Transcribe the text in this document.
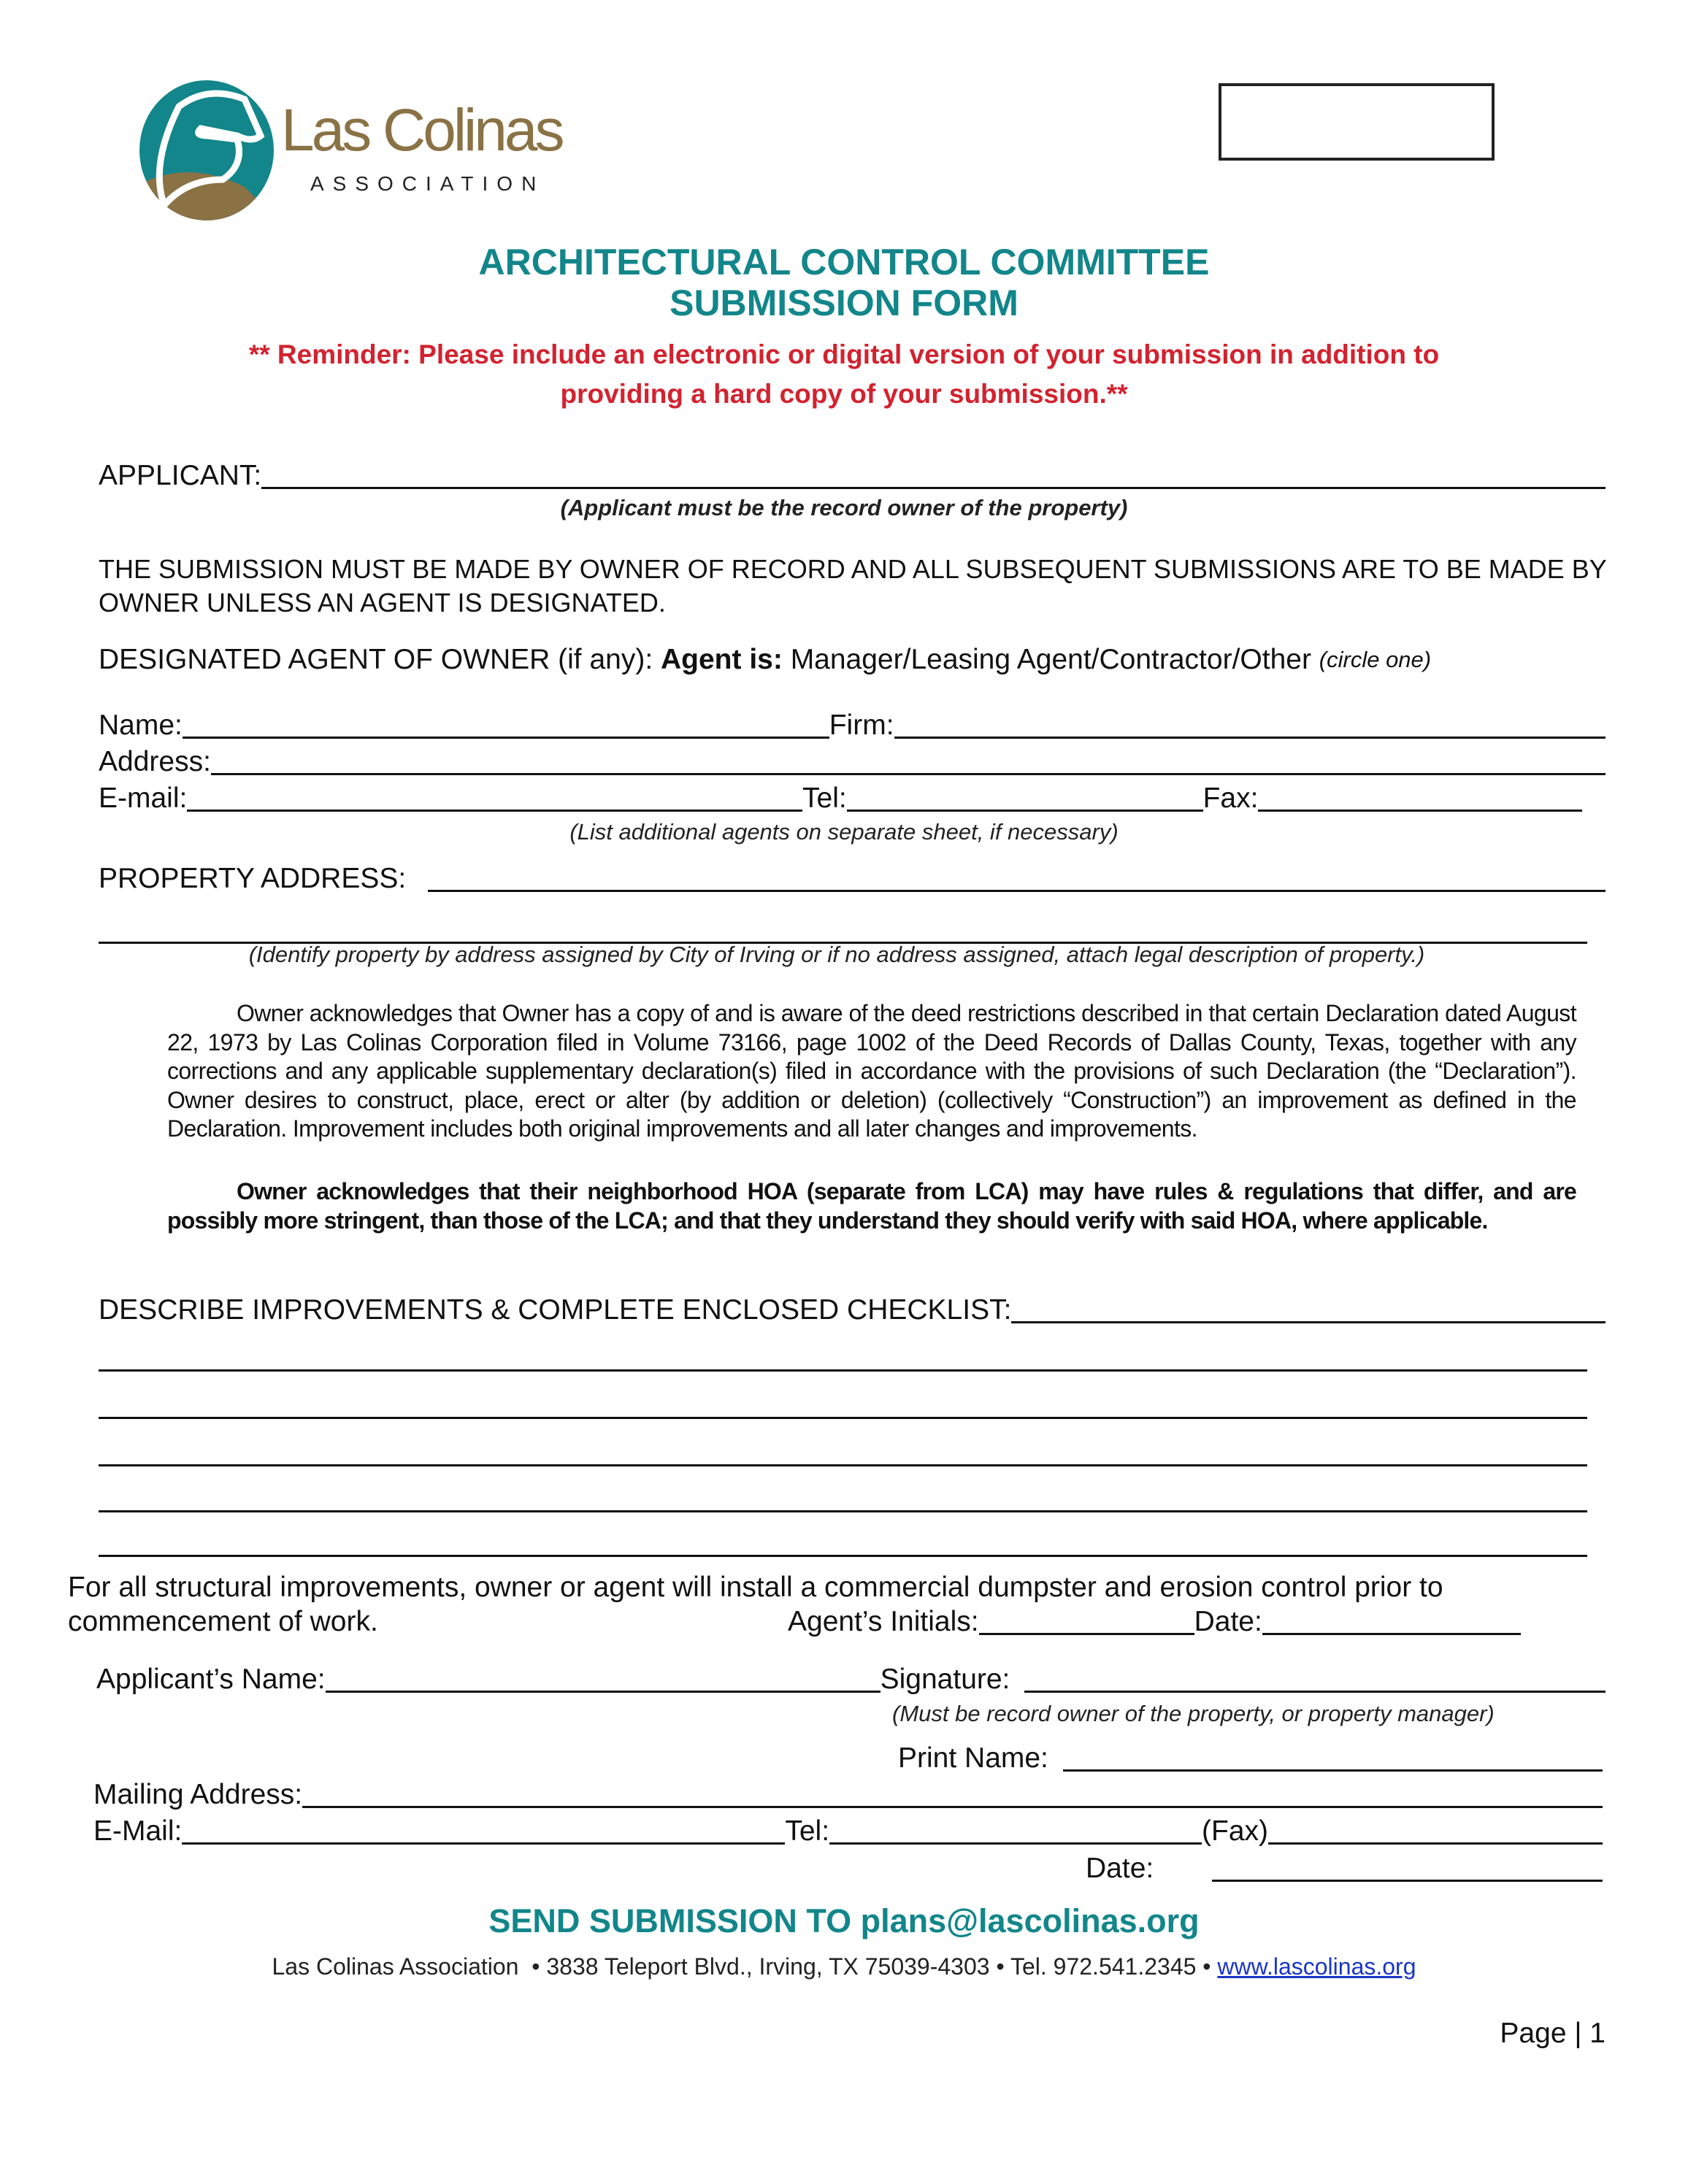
Las Colinas
ASSOCIATION
ARCHITECTURAL CONTROL COMMITTEE
SUBMISSION FORM
** Reminder: Please include an electronic or digital version of your submission in addition to
providing a hard copy of your submission.**
APPLICANT:
(Applicant must be the record owner of the property)
THE SUBMISSION MUST BE MADE BY OWNER OF RECORD AND ALL SUBSEQUENT SUBMISSIONS ARE TO BE MADE BY
OWNER UNLESS AN AGENT IS DESIGNATED.
DESIGNATED AGENT OF OWNER (if any):
Agent is:
Manager/Leasing Agent/Contractor/Other
(circle one)
Name:	Firm:
Address:
E-mail:	Tel:	Fax:
(List additional agents on separate sheet, if necessary)
PROPERTY ADDRESS:
(Identify property by address assigned by City of Irving or if no address assigned, attach legal description of property.)
Owner acknowledges that Owner has a copy of and is aware of the deed restrictions described in that certain Declaration dated August 22, 1973 by Las Colinas Corporation filed in Volume 73166, page 1002 of the Deed Records of Dallas County, Texas, together with any corrections and any applicable supplementary declaration(s) filed in accordance with the provisions of such Declaration (the “Declaration”). Owner desires to construct, place, erect or alter (by addition or deletion) (collectively “Construction”) an improvement as defined in the Declaration. Improvement includes both original improvements and all later changes and improvements.
Owner acknowledges that their neighborhood HOA (separate from LCA) may have rules & regulations that differ, and are possibly more stringent, than those of the LCA; and that they understand they should verify with said HOA, where applicable.
DESCRIBE IMPROVEMENTS & COMPLETE ENCLOSED CHECKLIST:
For all structural improvements, owner or agent will install a commercial dumpster and erosion control prior to
commencement of work.	Agent’s Initials:	Date:
Applicant’s Name:	Signature:
(Must be record owner of the property, or property manager)
Print Name:
Mailing Address:
E-Mail:	Tel:	(Fax)
Date:
SEND SUBMISSION TO plans@lascolinas.org
Las Colinas Association  • 3838 Teleport Blvd., Irving, TX 75039-4303 • Tel. 972.541.2345 • www.lascolinas.org
Page | 1
